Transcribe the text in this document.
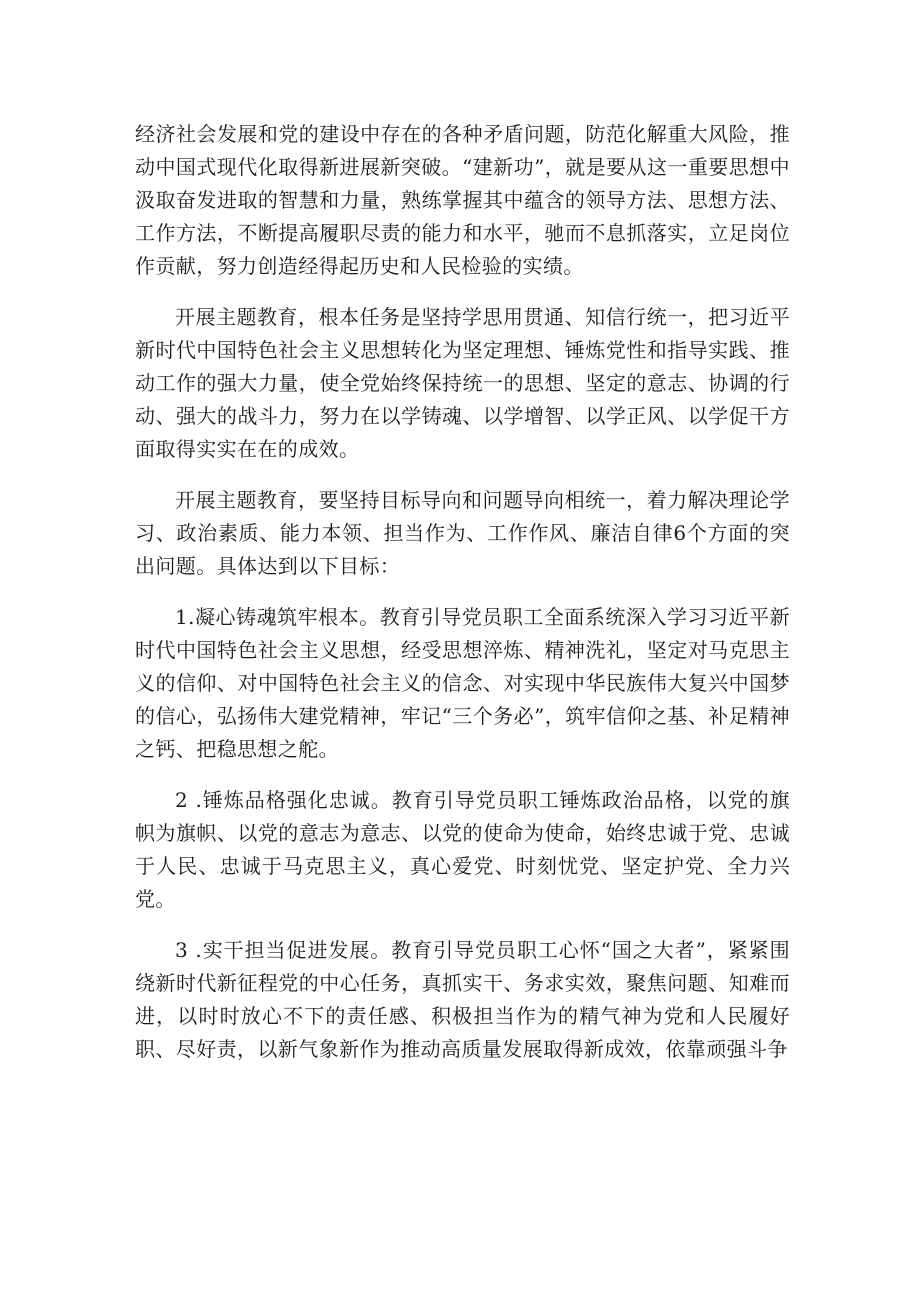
经济社会发展和党的建设中存在的各种矛盾问题，防范化解重大风险，推动中国式现代化取得新进展新突破。“建新功”，就是要从这一重要思想中汲取奋发进取的智慧和力量，熟练掌握其中蕴含的领导方法、思想方法、工作方法，不断提高履职尽责的能力和水平，驰而不息抓落实，立足岗位作贡献，努力创造经得起历史和人民检验的实绩。

开展主题教育，根本任务是坚持学思用贯通、知信行统一，把习近平新时代中国特色社会主义思想转化为坚定理想、锤炼党性和指导实践、推动工作的强大力量，使全党始终保持统一的思想、坚定的意志、协调的行动、强大的战斗力，努力在以学铸魂、以学增智、以学正风、以学促干方面取得实实在在的成效。

开展主题教育，要坚持目标导向和问题导向相统一，着力解决理论学习、政治素质、能力本领、担当作为、工作作风、廉洁自律6个方面的突出问题。具体达到以下目标：

1.凝心铸魂筑牢根本。教育引导党员职工全面系统深入学习习近平新时代中国特色社会主义思想，经受思想淬炼、精神洗礼，坚定对马克思主义的信仰、对中国特色社会主义的信念、对实现中华民族伟大复兴中国梦的信心，弘扬伟大建党精神，牢记“三个务必”，筑牢信仰之基、补足精神之钙、把稳思想之舵。

2 .锤炼品格强化忠诚。教育引导党员职工锤炼政治品格，以党的旗帜为旗帜、以党的意志为意志、以党的使命为使命，始终忠诚于党、忠诚于人民、忠诚于马克思主义，真心爱党、时刻忧党、坚定护党、全力兴党。

3 .实干担当促进发展。教育引导党员职工心怀“国之大者”，紧紧围绕新时代新征程党的中心任务，真抓实干、务求实效，聚焦问题、知难而进，以时时放心不下的责任感、积极担当作为的精气神为党和人民履好职、尽好责，以新气象新作为推动高质量发展取得新成效，依靠顽强斗争
